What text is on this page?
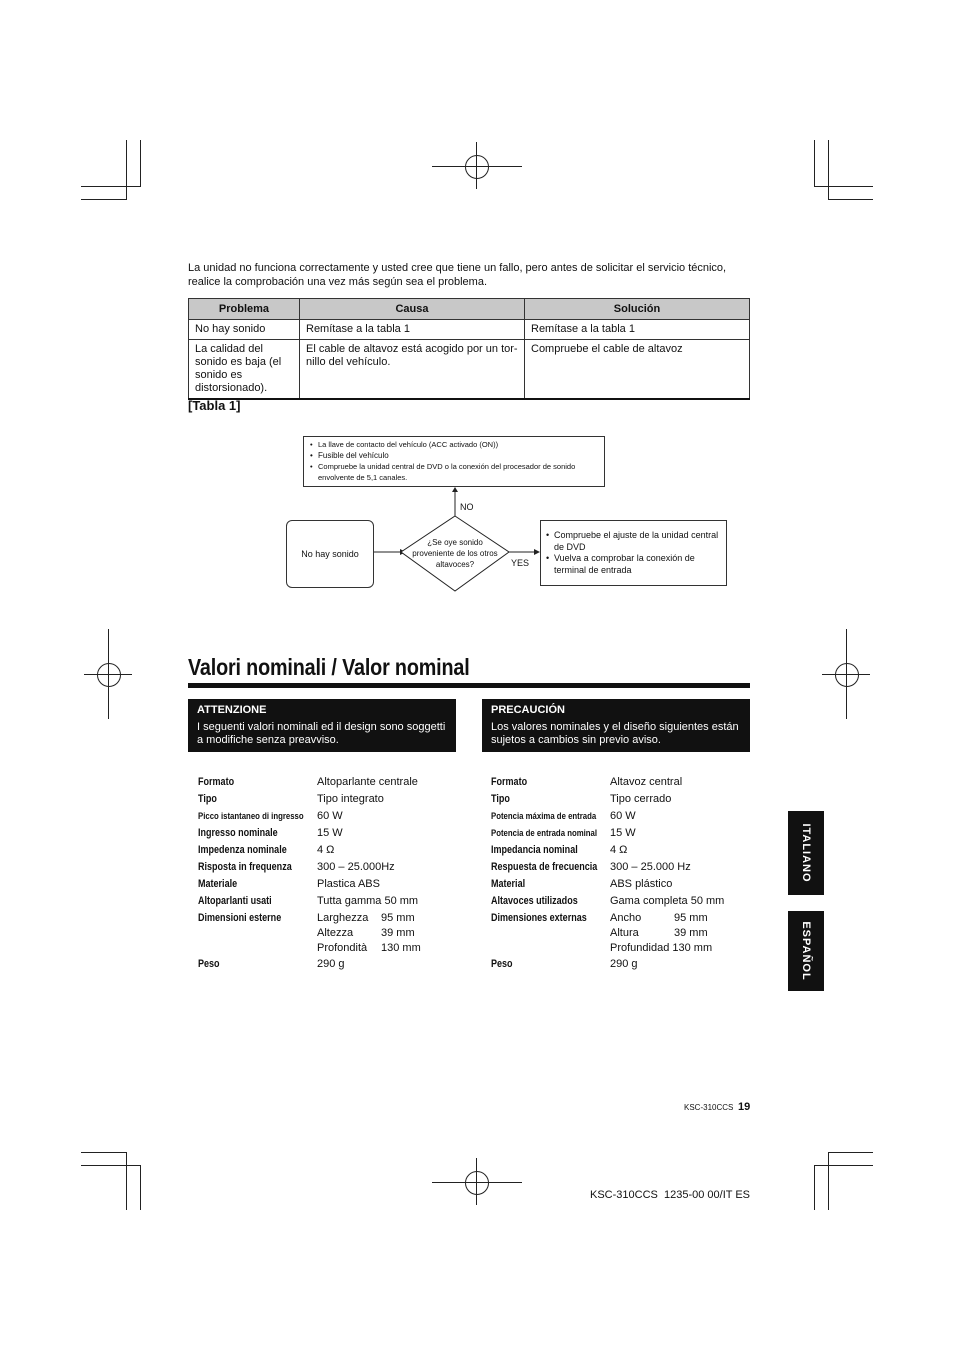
La unidad no funciona correctamente y usted cree que tiene un fallo, pero antes de solicitar el servicio técnico, realice la comprobación una vez más según sea el problema.
Problema	Causa	Solución
No hay sonido	Remítase a la tabla 1	Remítase a la tabla 1
La calidad del sonido es baja (el sonido es distorsionado).	El cable de altavoz está acogido por un tor-nillo del vehículo.	Compruebe el cable de altavoz
[Tabla 1]
• La llave de contacto del vehículo (ACC activado (ON))
• Fusible del vehículo
• Compruebe la unidad central de DVD o la conexión del procesador de sonido envolvente de 5,1 canales.
No hay sonido
¿Se oye sonido proveniente de los otros altavoces?
NO
YES
• Compruebe el ajuste de la unidad central de DVD
• Vuelva a comprobar la conexión de terminal de entrada
Valori nominali / Valor nominal
ATTENZIONE
I seguenti valori nominali ed il design sono soggetti a modifiche senza preavviso.
PRECAUCIÓN
Los valores nominales y el diseño siguientes están sujetos a cambios sin previo aviso.
Formato	Altoparlante centrale
Tipo	Tipo integrato
Picco istantaneo di ingresso 60 W
Ingresso nominale	15 W
Impedenza nominale	4 Ω
Risposta in frequenza 300 – 25.000Hz
Materiale	Plastica ABS
Altoparlanti usati	Tutta gamma 50 mm
Dimensioni esterne	Larghezza 95 mm
Altezza	39 mm
Profondità 130 mm
Peso	290 g
Formato	Altavoz central
Tipo	Tipo cerrado
Potencia máxima de entrada 60 W
Potencia de entrada nominal 15 W
Impedancia nominal	4 Ω
Respuesta de frecuencia 300 – 25.000 Hz
Material	ABS plástico
Altavoces utilizados	Gama completa 50 mm
Dimensiones externas Ancho	95 mm
Altura	39 mm
Profundidad 130 mm
Peso	290 g
ITALIANO
ESPAÑOL
KSC-310CCS 19
KSC-310CCS  1235-00 00/IT ES
